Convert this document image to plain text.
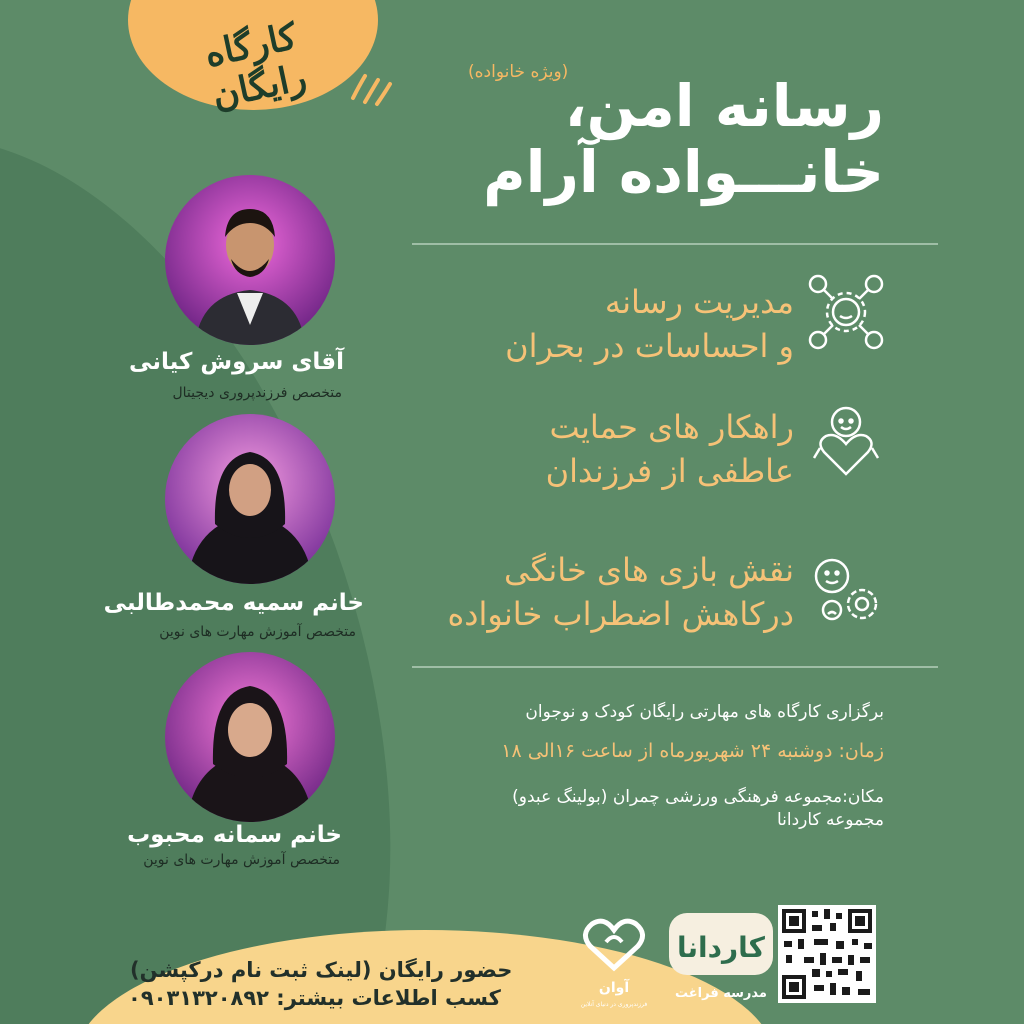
کارگاه رایگان	(ویژه خانواده)
رسانه امن،
خانـــواده آرام
مدیریت رسانه
و احساسات در بحران
راهکار های حمایت
عاطفی از فرزندان
نقش بازی های خانگی
درکاهش اضطراب خانواده
برگزاری کارگاه های مهارتی رایگان کودک و نوجوان
زمان: دوشنبه ۲۴ شهریورماه از ساعت ۱۶الی ۱۸
مکان:مجموعه فرهنگی ورزشی چمران (بولینگ عبدو)
مجموعه کاردانا
آقای سروش کیانی
متخصص فرزندپروری دیجیتال
خانم سمیه محمدطالبی
متخصص آموزش مهارت های نوین
خانم سمانه محبوب
متخصص آموزش مهارت های نوین
حضور رایگان (لینک ثبت نام درکپشن)
کسب اطلاعات بیشتر: ۰۹۰۳۱۳۲۰۸۹۲	آوان
فرزندپروری در دنیای آنلاین
کاردانا
مدرسه فراغت
